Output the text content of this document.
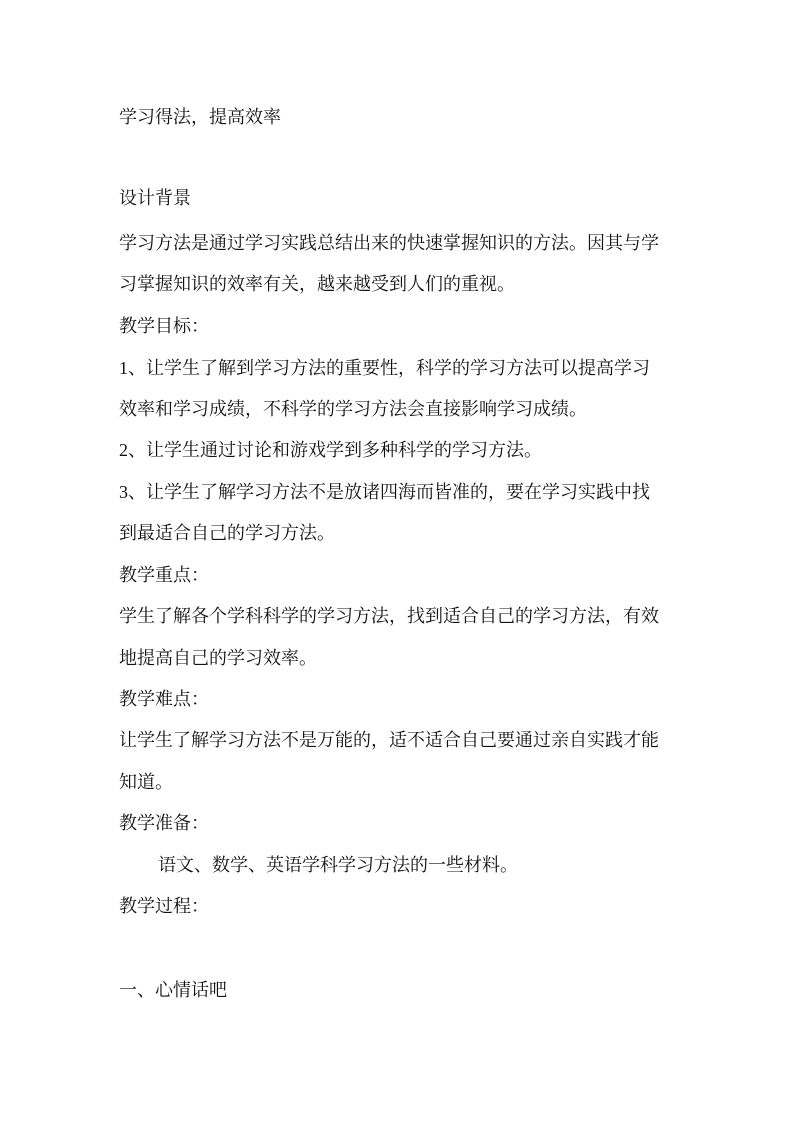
学习得法，提高效率
设计背景
学习方法是通过学习实践总结出来的快速掌握知识的方法。因其与学
习掌握知识的效率有关，越来越受到人们的重视。
教学目标：
1、让学生了解到学习方法的重要性，科学的学习方法可以提高学习
效率和学习成绩，不科学的学习方法会直接影响学习成绩。
2、让学生通过讨论和游戏学到多种科学的学习方法。
3、让学生了解学习方法不是放诸四海而皆准的，要在学习实践中找
到最适合自己的学习方法。
教学重点：
学生了解各个学科科学的学习方法，找到适合自己的学习方法，有效
地提高自己的学习效率。
教学难点：
让学生了解学习方法不是万能的，适不适合自己要通过亲自实践才能
知道。
教学准备：
语文、数学、英语学科学习方法的一些材料。
教学过程：
一、心情话吧
